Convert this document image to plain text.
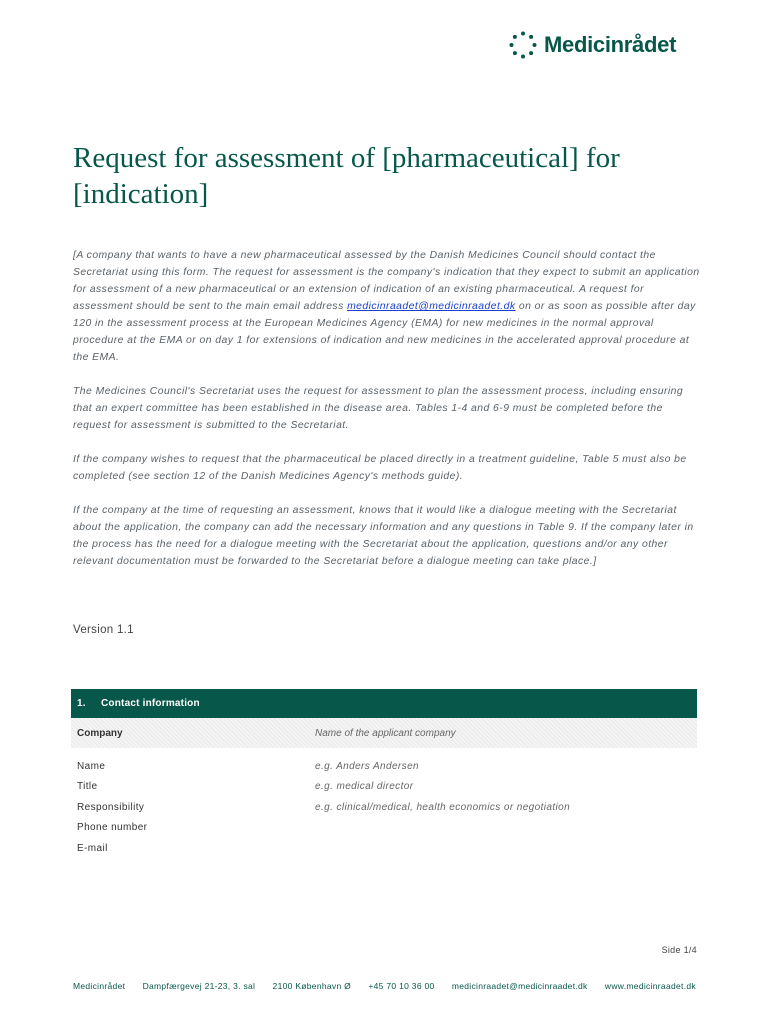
Medicinrådet
Request for assessment of [pharmaceutical] for [indication]

[A company that wants to have a new pharmaceutical assessed by the Danish Medicines Council should contact the Secretariat using this form. The request for assessment is the company's indication that they expect to submit an application for assessment of a new pharmaceutical or an extension of indication of an existing pharmaceutical. A request for assessment should be sent to the main email address medicinraadet@medicinraadet.dk on or as soon as possible after day 120 in the assessment process at the European Medicines Agency (EMA) for new medicines in the normal approval procedure at the EMA or on day 1 for extensions of indication and new medicines in the accelerated approval procedure at the EMA.

The Medicines Council's Secretariat uses the request for assessment to plan the assessment process, including ensuring that an expert committee has been established in the disease area. Tables 1-4 and 6-9 must be completed before the request for assessment is submitted to the Secretariat.

If the company wishes to request that the pharmaceutical be placed directly in a treatment guideline, Table 5 must also be completed (see section 12 of the Danish Medicines Agency's methods guide).

If the company at the time of requesting an assessment, knows that it would like a dialogue meeting with the Secretariat about the application, the company can add the necessary information and any questions in Table 9. If the company later in the process has the need for a dialogue meeting with the Secretariat about the application, questions and/or any other relevant documentation must be forwarded to the Secretariat before a dialogue meeting can take place.]

Version 1.1
1.	Contact information
Company	Name of the applicant company
Name	e.g. Anders Andersen
Title	e.g. medical director
Responsibility	e.g. clinical/medical, health economics or negotiation
Phone number
E-mail
Side 1/4
Medicinrådet Dampfærgevej 21-23, 3. sal 2100 København Ø +45 70 10 36 00 medicinraadet@medicinraadet.dk www.medicinraadet.dk
